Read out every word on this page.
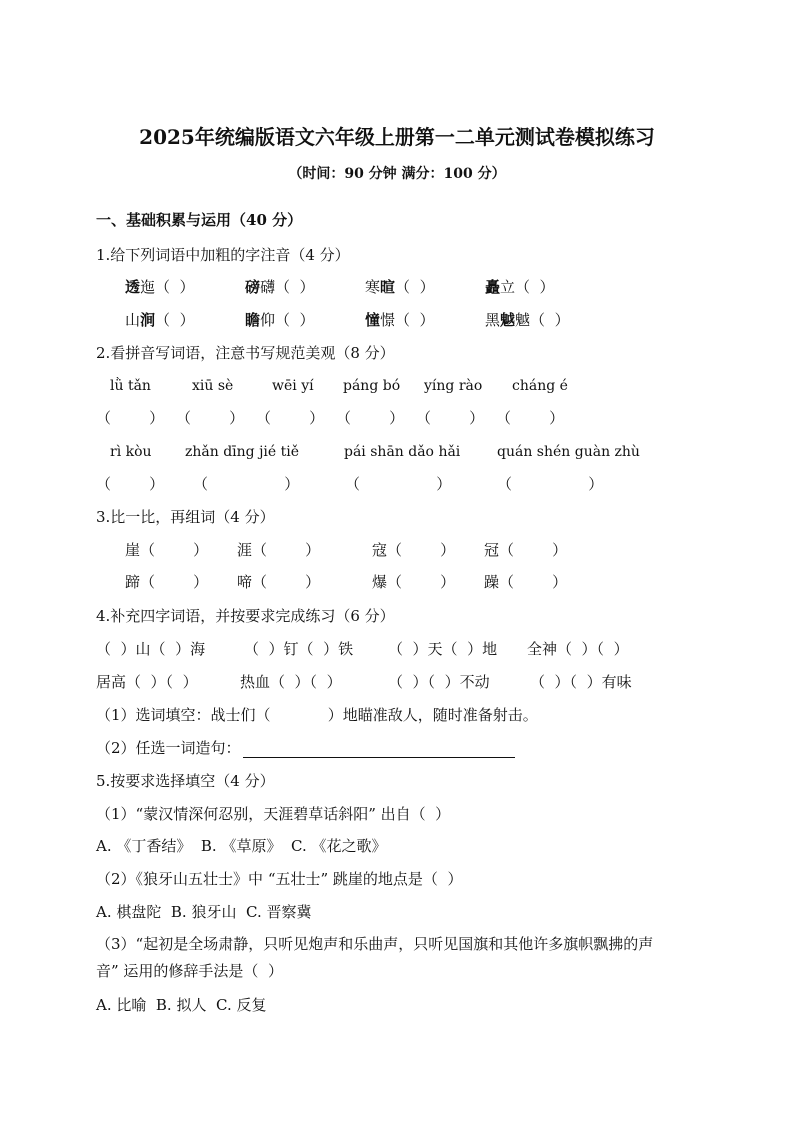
2025年统编版语文六年级上册第一二单元测试卷模拟练习
（时间：90 分钟 满分：100 分）
一、基础积累与运用（40 分）
1.给下列词语中加粗的字注音（4 分）
透迤（  ）	磅礴（  ）	寒暄（  ）	矗立（  ）
山涧（  ）	瞻仰（  ）	憧憬（  ）	黑魆魆（  ）
2.看拼音写词语，注意书写规范美观（8 分）
lǜ tǎn	xiū sè	wēi yí páng bó yíng rào cháng é
（        ） （        ） （        ） （        ） （        ） （        ）
rì kòu zhǎn dīng jié tiě	pái shān dǎo hǎi	quán shén guàn zhù
（        ） （                ）	（                ）	（                ）
3.比一比，再组词（4 分）
崖（        ） 涯（        ）	寇（        ） 冠（        ）
蹄（        ） 啼（        ）	爆（        ） 躁（        ）
4.补充四字词语，并按要求完成练习（6 分）
（  ）山（  ）海	（  ）钉（  ）铁 （  ）天（  ）地 全神（  ）（  ）
居高（  ）（  ）	热血（  ）（  ）	（  ）（  ）不动	（  ）（  ）有味
（1）选词填空：战士们（            ）地瞄准敌人，随时准备射击。
（2）任选一词造句：
5.按要求选择填空（4 分）
（1）“蒙汉情深何忍别，天涯碧草话斜阳” 出自（  ）
A. 《丁香结》  B. 《草原》  C. 《花之歌》
（2）《狼牙山五壮士》中 “五壮士” 跳崖的地点是（  ）
A. 棋盘陀  B. 狼牙山  C. 晋察冀
（3）“起初是全场肃静，只听见炮声和乐曲声，只听见国旗和其他许多旗帜飘拂的声
音” 运用的修辞手法是（  ）
A. 比喻  B. 拟人  C. 反复
